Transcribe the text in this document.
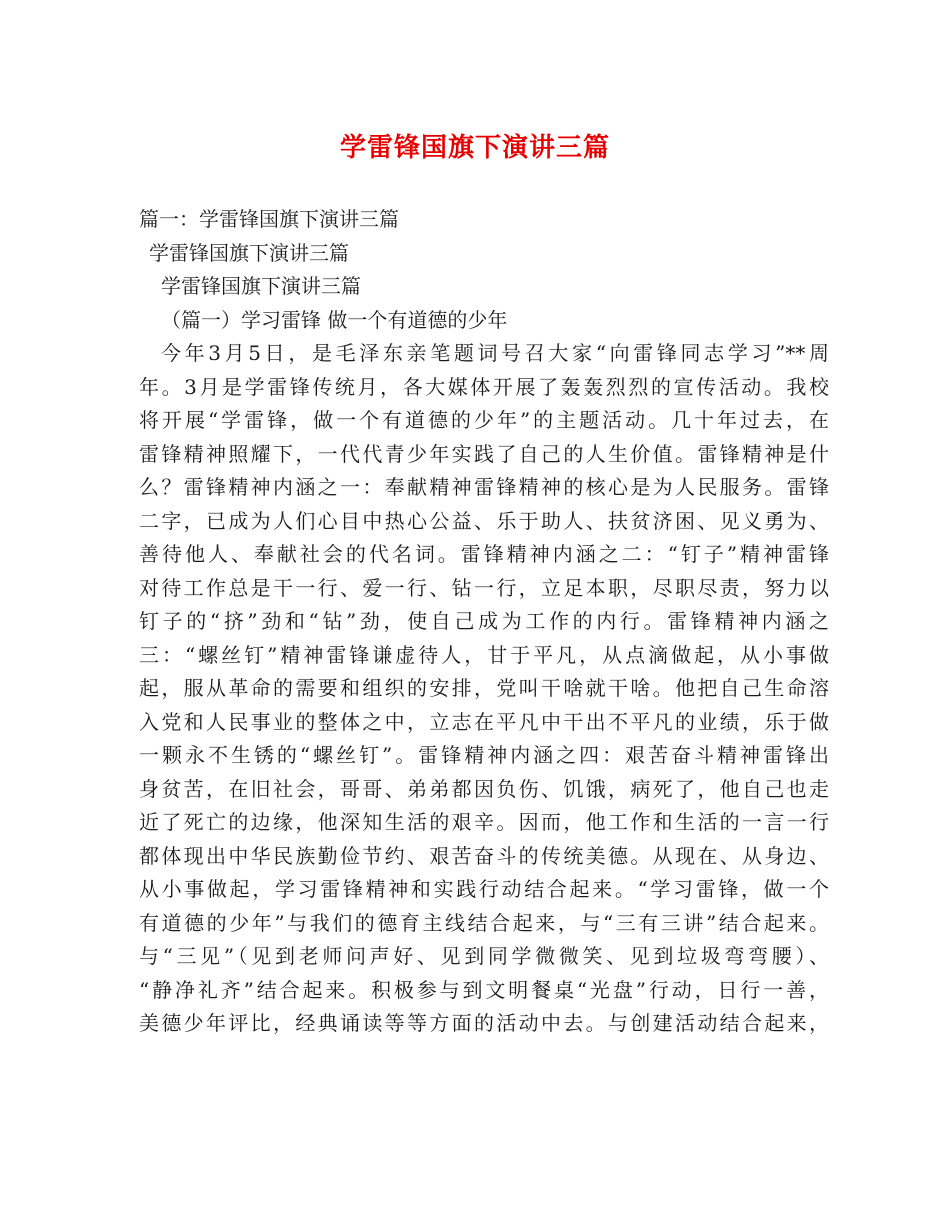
学雷锋国旗下演讲三篇

篇一：学雷锋国旗下演讲三篇

学雷锋国旗下演讲三篇

学雷锋国旗下演讲三篇

（篇一）学习雷锋 做一个有道德的少年

今年3月5日，是毛泽东亲笔题词号召大家“向雷锋同志学习”**周

年。3月是学雷锋传统月，各大媒体开展了轰轰烈烈的宣传活动。我校

将开展“学雷锋，做一个有道德的少年”的主题活动。几十年过去，在

雷锋精神照耀下，一代代青少年实践了自己的人生价值。雷锋精神是什

么？雷锋精神内涵之一：奉献精神雷锋精神的核心是为人民服务。雷锋

二字，已成为人们心目中热心公益、乐于助人、扶贫济困、见义勇为、

善待他人、奉献社会的代名词。雷锋精神内涵之二：“钉子”精神雷锋

对待工作总是干一行、爱一行、钻一行，立足本职，尽职尽责，努力以

钉子的“挤”劲和“钻”劲，使自己成为工作的内行。雷锋精神内涵之

三：“螺丝钉”精神雷锋谦虚待人，甘于平凡，从点滴做起，从小事做

起，服从革命的需要和组织的安排，党叫干啥就干啥。他把自己生命溶

入党和人民事业的整体之中，立志在平凡中干出不平凡的业绩，乐于做

一颗永不生锈的“螺丝钉”。雷锋精神内涵之四：艰苦奋斗精神雷锋出

身贫苦，在旧社会，哥哥、弟弟都因负伤、饥饿，病死了，他自己也走

近了死亡的边缘，他深知生活的艰辛。因而，他工作和生活的一言一行

都体现出中华民族勤俭节约、艰苦奋斗的传统美德。从现在、从身边、

从小事做起，学习雷锋精神和实践行动结合起来。“学习雷锋，做一个

有道德的少年”与我们的德育主线结合起来，与“三有三讲”结合起来。

与“三见”（见到老师问声好、见到同学微微笑、见到垃圾弯弯腰）、

“静净礼齐”结合起来。积极参与到文明餐桌“光盘”行动，日行一善，

美德少年评比，经典诵读等等方面的活动中去。与创建活动结合起来，
